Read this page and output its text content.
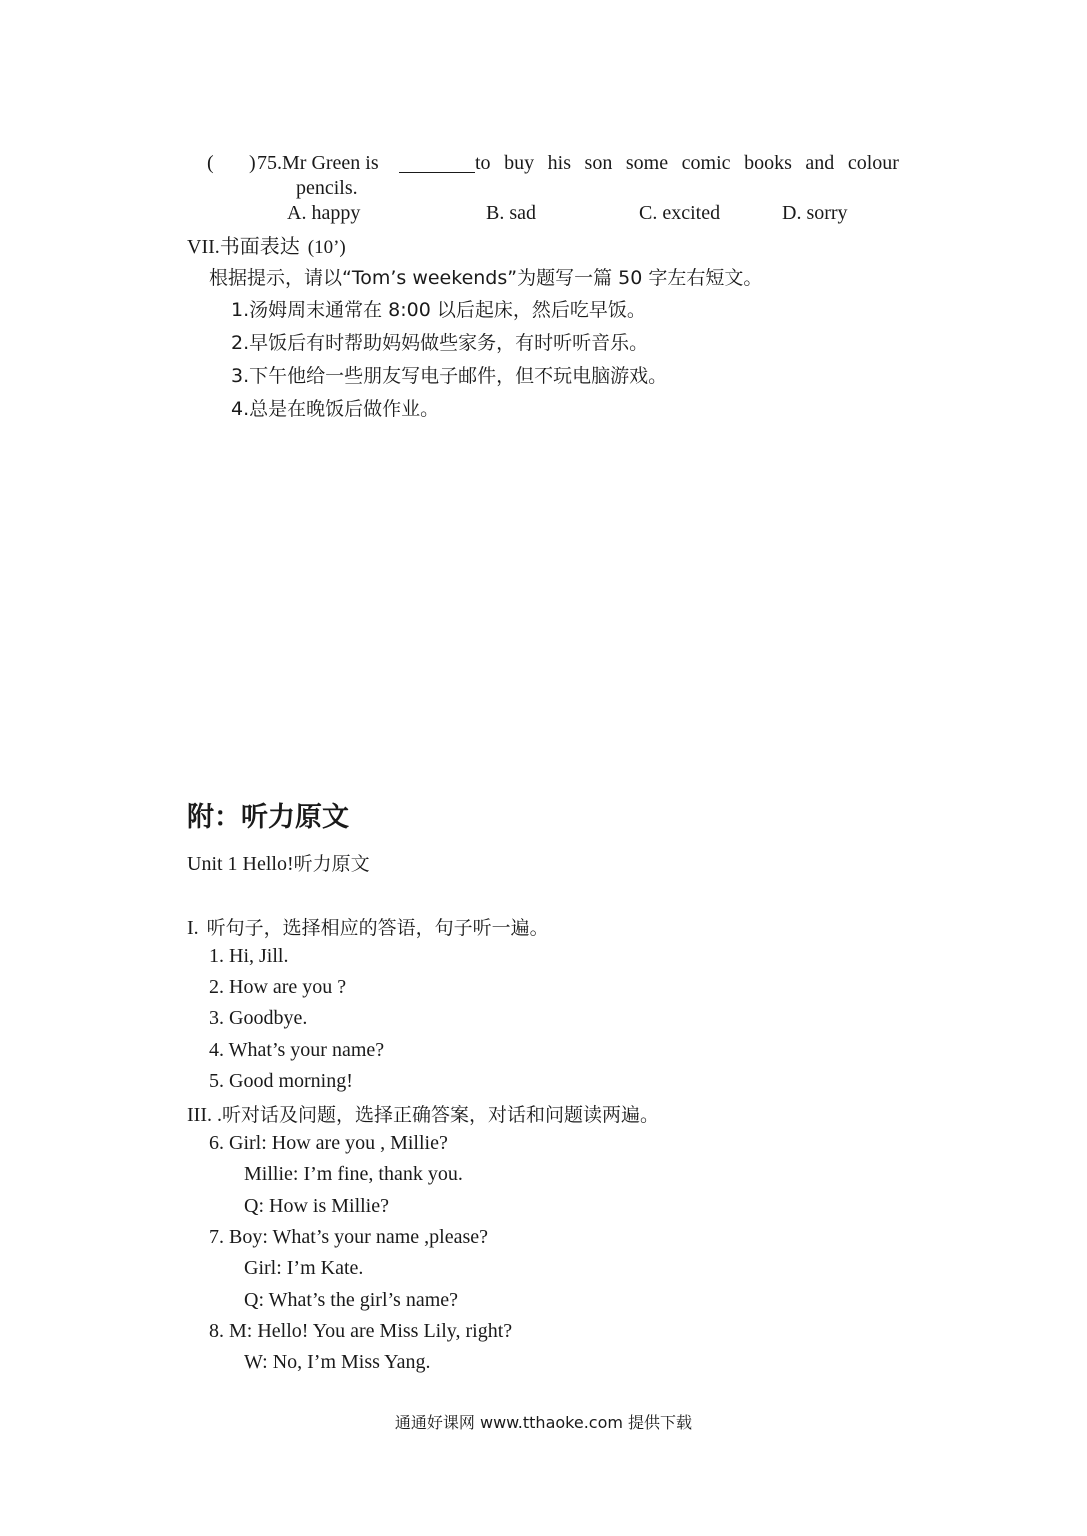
( ) 75. Mr Green is	to buy his son some comic books and colour
pencils.
A. happy	B. sad	C. excited	D. sorry
VII.书面表达 (10’)
根据提示，请以“Tom’s weekends”为题写一篇 50 字左右短文。
1.汤姆周末通常在 8:00 以后起床，然后吃早饭。
2.早饭后有时帮助妈妈做些家务，有时听听音乐。
3.下午他给一些朋友写电子邮件，但不玩电脑游戏。
4.总是在晚饭后做作业。
附：听力原文
Unit 1 Hello!听力原文
I. 听句子，选择相应的答语，句子听一遍。
1. Hi, Jill.
2. How are you ?
3. Goodbye.
4. What’s your name?
5. Good morning!
III. .听对话及问题，选择正确答案，对话和问题读两遍。
6. Girl: How are you , Millie?
Millie: I’m fine, thank you.
Q: How is Millie?
7. Boy: What’s your name ,please?
Girl: I’m Kate.
Q: What’s the girl’s name?
8. M: Hello! You are Miss Lily, right?
W: No, I’m Miss Yang.
通通好课网 www.tthaoke.com 提供下载
